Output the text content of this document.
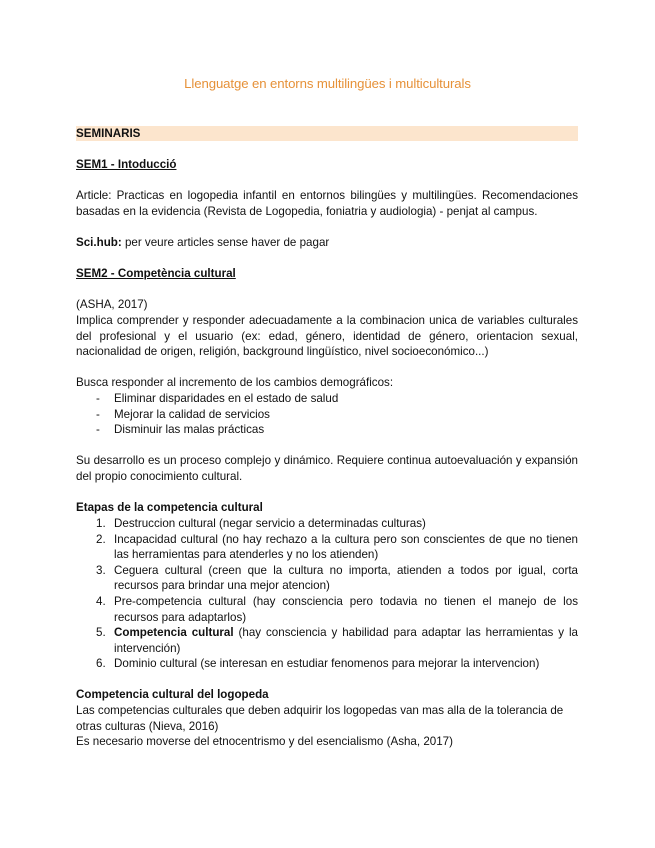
Llenguatge en entorns multilingües i multiculturals
SEMINARIS
SEM1 - Intoducció
Article: Practicas en logopedia infantil en entornos bilingües y multilingües. Recomendaciones basadas en la evidencia (Revista de Logopedia, foniatria y audiologia) - penjat al campus.
Sci.hub: per veure articles sense haver de pagar
SEM2 - Competència cultural
(ASHA, 2017)
Implica comprender y responder adecuadamente a la combinacion unica de variables culturales del profesional y el usuario (ex: edad, género, identidad de género, orientacion sexual, nacionalidad de origen, religión, background lingüístico, nivel socioeconómico...)
Busca responder al incremento de los cambios demográficos:
- Eliminar disparidades en el estado de salud
- Mejorar la calidad de servicios
- Disminuir las malas prácticas
Su desarrollo es un proceso complejo y dinámico. Requiere continua autoevaluación y expansión del propio conocimiento cultural.
Etapas de la competencia cultural
1. Destruccion cultural (negar servicio a determinadas culturas)
2. Incapacidad cultural (no hay rechazo a la cultura pero son conscientes de que no tienen las herramientas para atenderles y no los atienden)
3. Ceguera cultural (creen que la cultura no importa, atienden a todos por igual, corta recursos para brindar una mejor atencion)
4. Pre-competencia cultural (hay consciencia pero todavia no tienen el manejo de los recursos para adaptarlos)
5. Competencia cultural (hay consciencia y habilidad para adaptar las herramientas y la intervención)
6. Dominio cultural (se interesan en estudiar fenomenos para mejorar la intervencion)
Competencia cultural del logopeda
Las competencias culturales que deben adquirir los logopedas van mas alla de la tolerancia de otras culturas (Nieva, 2016)
Es necesario moverse del etnocentrismo y del esencialismo (Asha, 2017)
